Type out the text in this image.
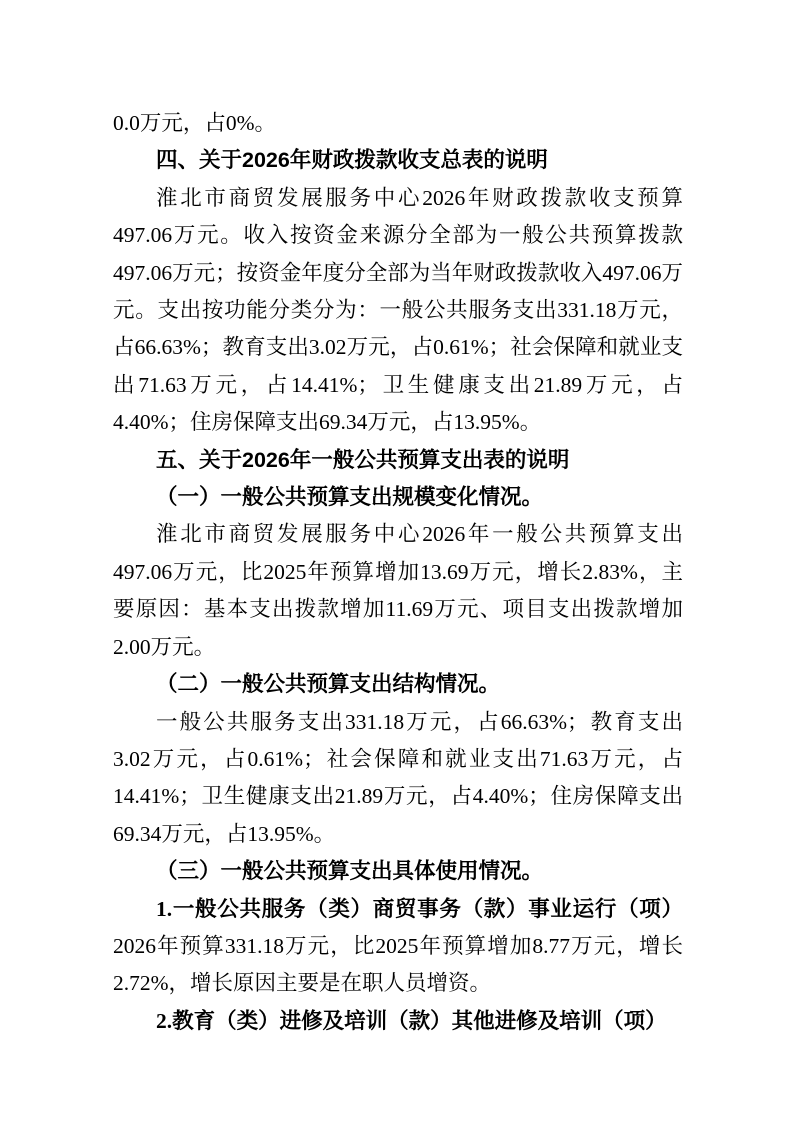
0.0万元，占0%。

四、关于2026年财政拨款收支总表的说明

淮北市商贸发展服务中心2026年财政拨款收支预算497.06万元。收入按资金来源分全部为一般公共预算拨款497.06万元；按资金年度分全部为当年财政拨款收入497.06万元。支出按功能分类分为：一般公共服务支出331.18万元，占66.63%；教育支出3.02万元，占0.61%；社会保障和就业支出71.63万元，占14.41%；卫生健康支出21.89万元，占4.40%；住房保障支出69.34万元，占13.95%。

五、关于2026年一般公共预算支出表的说明

（一）一般公共预算支出规模变化情况。

淮北市商贸发展服务中心2026年一般公共预算支出497.06万元，比2025年预算增加13.69万元，增长2.83%，主要原因：基本支出拨款增加11.69万元、项目支出拨款增加2.00万元。

（二）一般公共预算支出结构情况。

一般公共服务支出331.18万元，占66.63%；教育支出3.02万元，占0.61%；社会保障和就业支出71.63万元，占14.41%；卫生健康支出21.89万元，占4.40%；住房保障支出69.34万元，占13.95%。

（三）一般公共预算支出具体使用情况。

1.一般公共服务（类）商贸事务（款）事业运行（项）2026年预算331.18万元，比2025年预算增加8.77万元，增长2.72%，增长原因主要是在职人员增资。

2.教育（类）进修及培训（款）其他进修及培训（项）
